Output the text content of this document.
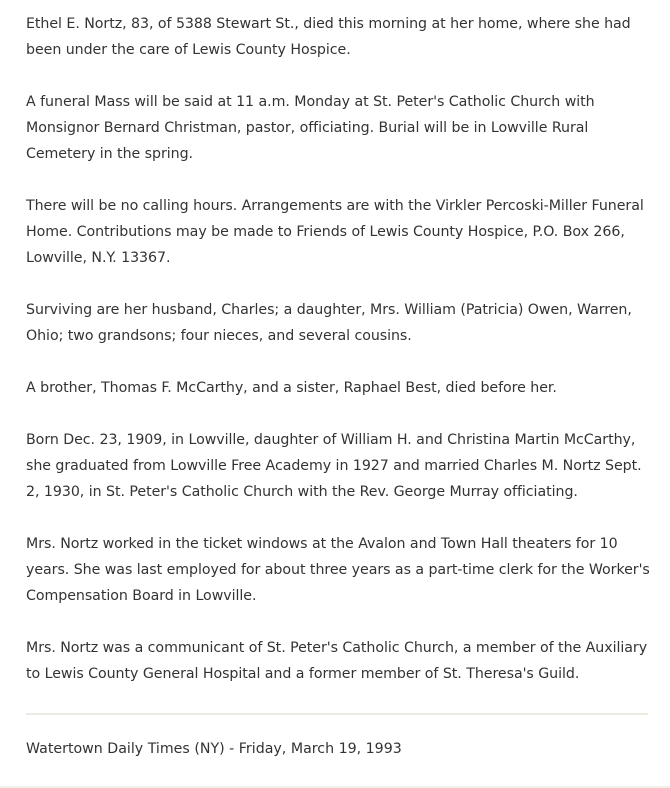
Ethel E. Nortz, 83, of 5388 Stewart St., died this morning at her home, where she had been under the care of Lewis County Hospice.

A funeral Mass will be said at 11 a.m. Monday at St. Peter's Catholic Church with Monsignor Bernard Christman, pastor, officiating. Burial will be in Lowville Rural Cemetery in the spring.

There will be no calling hours. Arrangements are with the Virkler Percoski-Miller Funeral Home. Contributions may be made to Friends of Lewis County Hospice, P.O. Box 266, Lowville, N.Y. 13367.

Surviving are her husband, Charles; a daughter, Mrs. William (Patricia) Owen, Warren, Ohio; two grandsons; four nieces, and several cousins.

A brother, Thomas F. McCarthy, and a sister, Raphael Best, died before her.

Born Dec. 23, 1909, in Lowville, daughter of William H. and Christina Martin McCarthy, she graduated from Lowville Free Academy in 1927 and married Charles M. Nortz Sept. 2, 1930, in St. Peter's Catholic Church with the Rev. George Murray officiating.

Mrs. Nortz worked in the ticket windows at the Avalon and Town Hall theaters for 10 years. She was last employed for about three years as a part-time clerk for the Worker's Compensation Board in Lowville.

Mrs. Nortz was a communicant of St. Peter's Catholic Church, a member of the Auxiliary to Lewis County General Hospital and a former member of St. Theresa's Guild.

Watertown Daily Times (NY) - Friday, March 19, 1993
